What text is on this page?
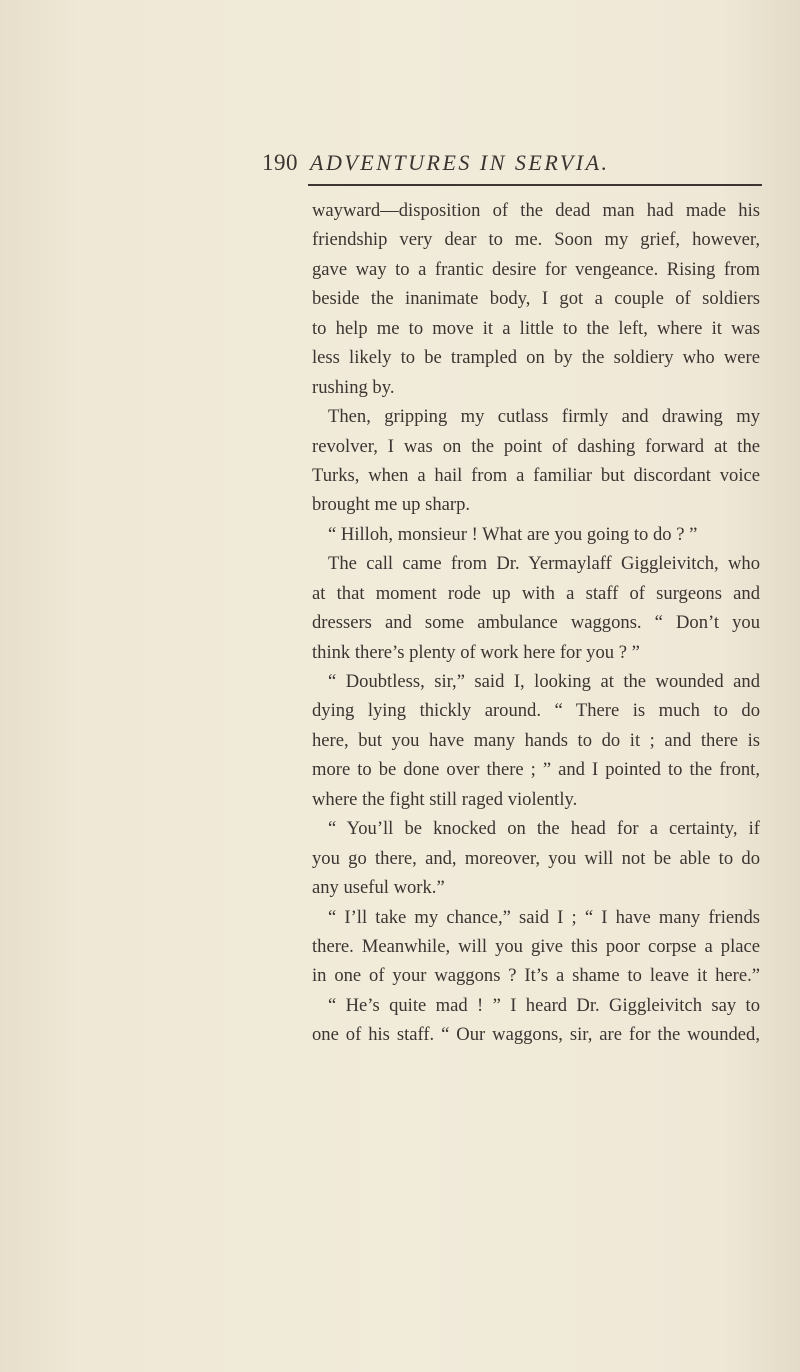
190 ADVENTURES IN SERVIA.
wayward—disposition of the dead man had made his
friendship very dear to me. Soon my grief, however,
gave way to a frantic desire for vengeance. Rising from
beside the inanimate body, I got a couple of soldiers
to help me to move it a little to the left, where it was
less likely to be trampled on by the soldiery who were
rushing by.
Then, gripping my cutlass firmly and drawing my
revolver, I was on the point of dashing forward at the
Turks, when a hail from a familiar but discordant voice
brought me up sharp.
“ Hilloh, monsieur ! What are you going to do ? ”
The call came from Dr. Yermaylaff Giggleivitch, who
at that moment rode up with a staff of surgeons and
dressers and some ambulance waggons. “ Don’t you
think there’s plenty of work here for you ? ”
“ Doubtless, sir,” said I, looking at the wounded and
dying lying thickly around. “ There is much to do
here, but you have many hands to do it ; and there is
more to be done over there ; ” and I pointed to the front,
where the fight still raged violently.
“ You’ll be knocked on the head for a certainty, if
you go there, and, moreover, you will not be able to do
any useful work.”
“ I’ll take my chance,” said I ; “ I have many friends
there. Meanwhile, will you give this poor corpse a place
in one of your waggons ? It’s a shame to leave it here.”
“ He’s quite mad ! ” I heard Dr. Giggleivitch say to
one of his staff. “ Our waggons, sir, are for the wounded,
